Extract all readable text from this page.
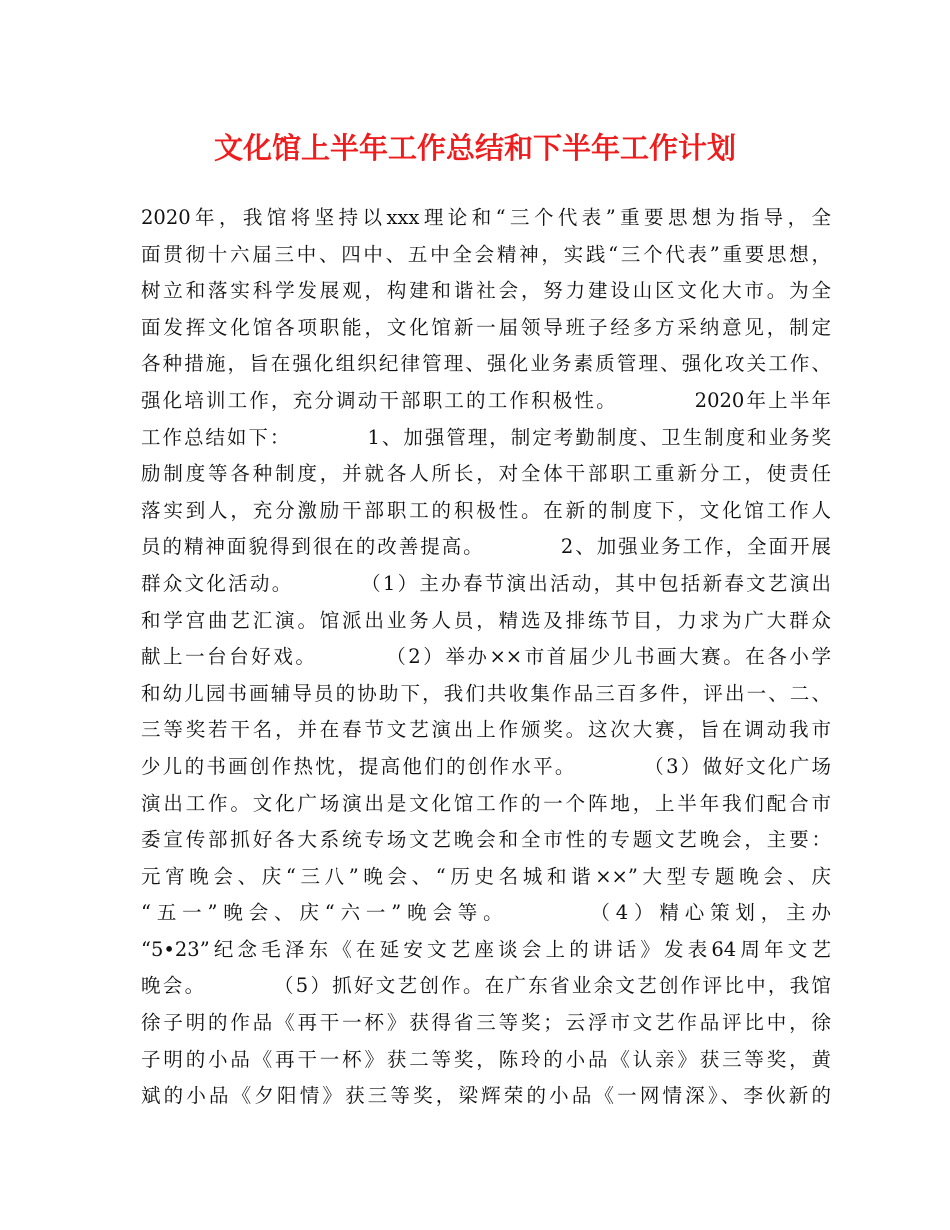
文化馆上半年工作总结和下半年工作计划
2020年，我馆将坚持以xxx理论和“三个代表”重要思想为指导，全
面贯彻十六届三中、四中、五中全会精神，实践“三个代表”重要思想，
树立和落实科学发展观，构建和谐社会，努力建设山区文化大市。为全
面发挥文化馆各项职能，文化馆新一届领导班子经多方采纳意见，制定
各种措施，旨在强化组织纪律管理、强化业务素质管理、强化攻关工作、
强化培训工作，充分调动干部职工的工作积极性。　　　　2020年上半年
工作总结如下：　　　　1、加强管理，制定考勤制度、卫生制度和业务奖
励制度等各种制度，并就各人所长，对全体干部职工重新分工，使责任
落实到人，充分激励干部职工的积极性。在新的制度下，文化馆工作人
员的精神面貌得到很在的改善提高。　　　　2、加强业务工作，全面开展
群众文化活动。　　　　（1）主办春节演出活动，其中包括新春文艺演出
和学宫曲艺汇演。馆派出业务人员，精选及排练节目，力求为广大群众
献上一台台好戏。　　　　（2）举办××市首届少儿书画大赛。在各小学
和幼儿园书画辅导员的协助下，我们共收集作品三百多件，评出一、二、
三等奖若干名，并在春节文艺演出上作颁奖。这次大赛，旨在调动我市
少儿的书画创作热忱，提高他们的创作水平。　　　　（3）做好文化广场
演出工作。文化广场演出是文化馆工作的一个阵地，上半年我们配合市
委宣传部抓好各大系统专场文艺晚会和全市性的专题文艺晚会，主要：
元宵晚会、庆“三八”晚会、“历史名城和谐××”大型专题晚会、庆
“五一”晚会、庆“六一”晚会等。　　　　（4）精心策划，主办
“5•23”纪念毛泽东《在延安文艺座谈会上的讲话》发表64周年文艺
晚会。　　　　（5）抓好文艺创作。在广东省业余文艺创作评比中，我馆
徐子明的作品《再干一杯》获得省三等奖；云浮市文艺作品评比中，徐
子明的小品《再干一杯》获二等奖，陈玲的小品《认亲》获三等奖，黄
斌的小品《夕阳情》获三等奖，梁辉荣的小品《一网情深》、李伙新的
